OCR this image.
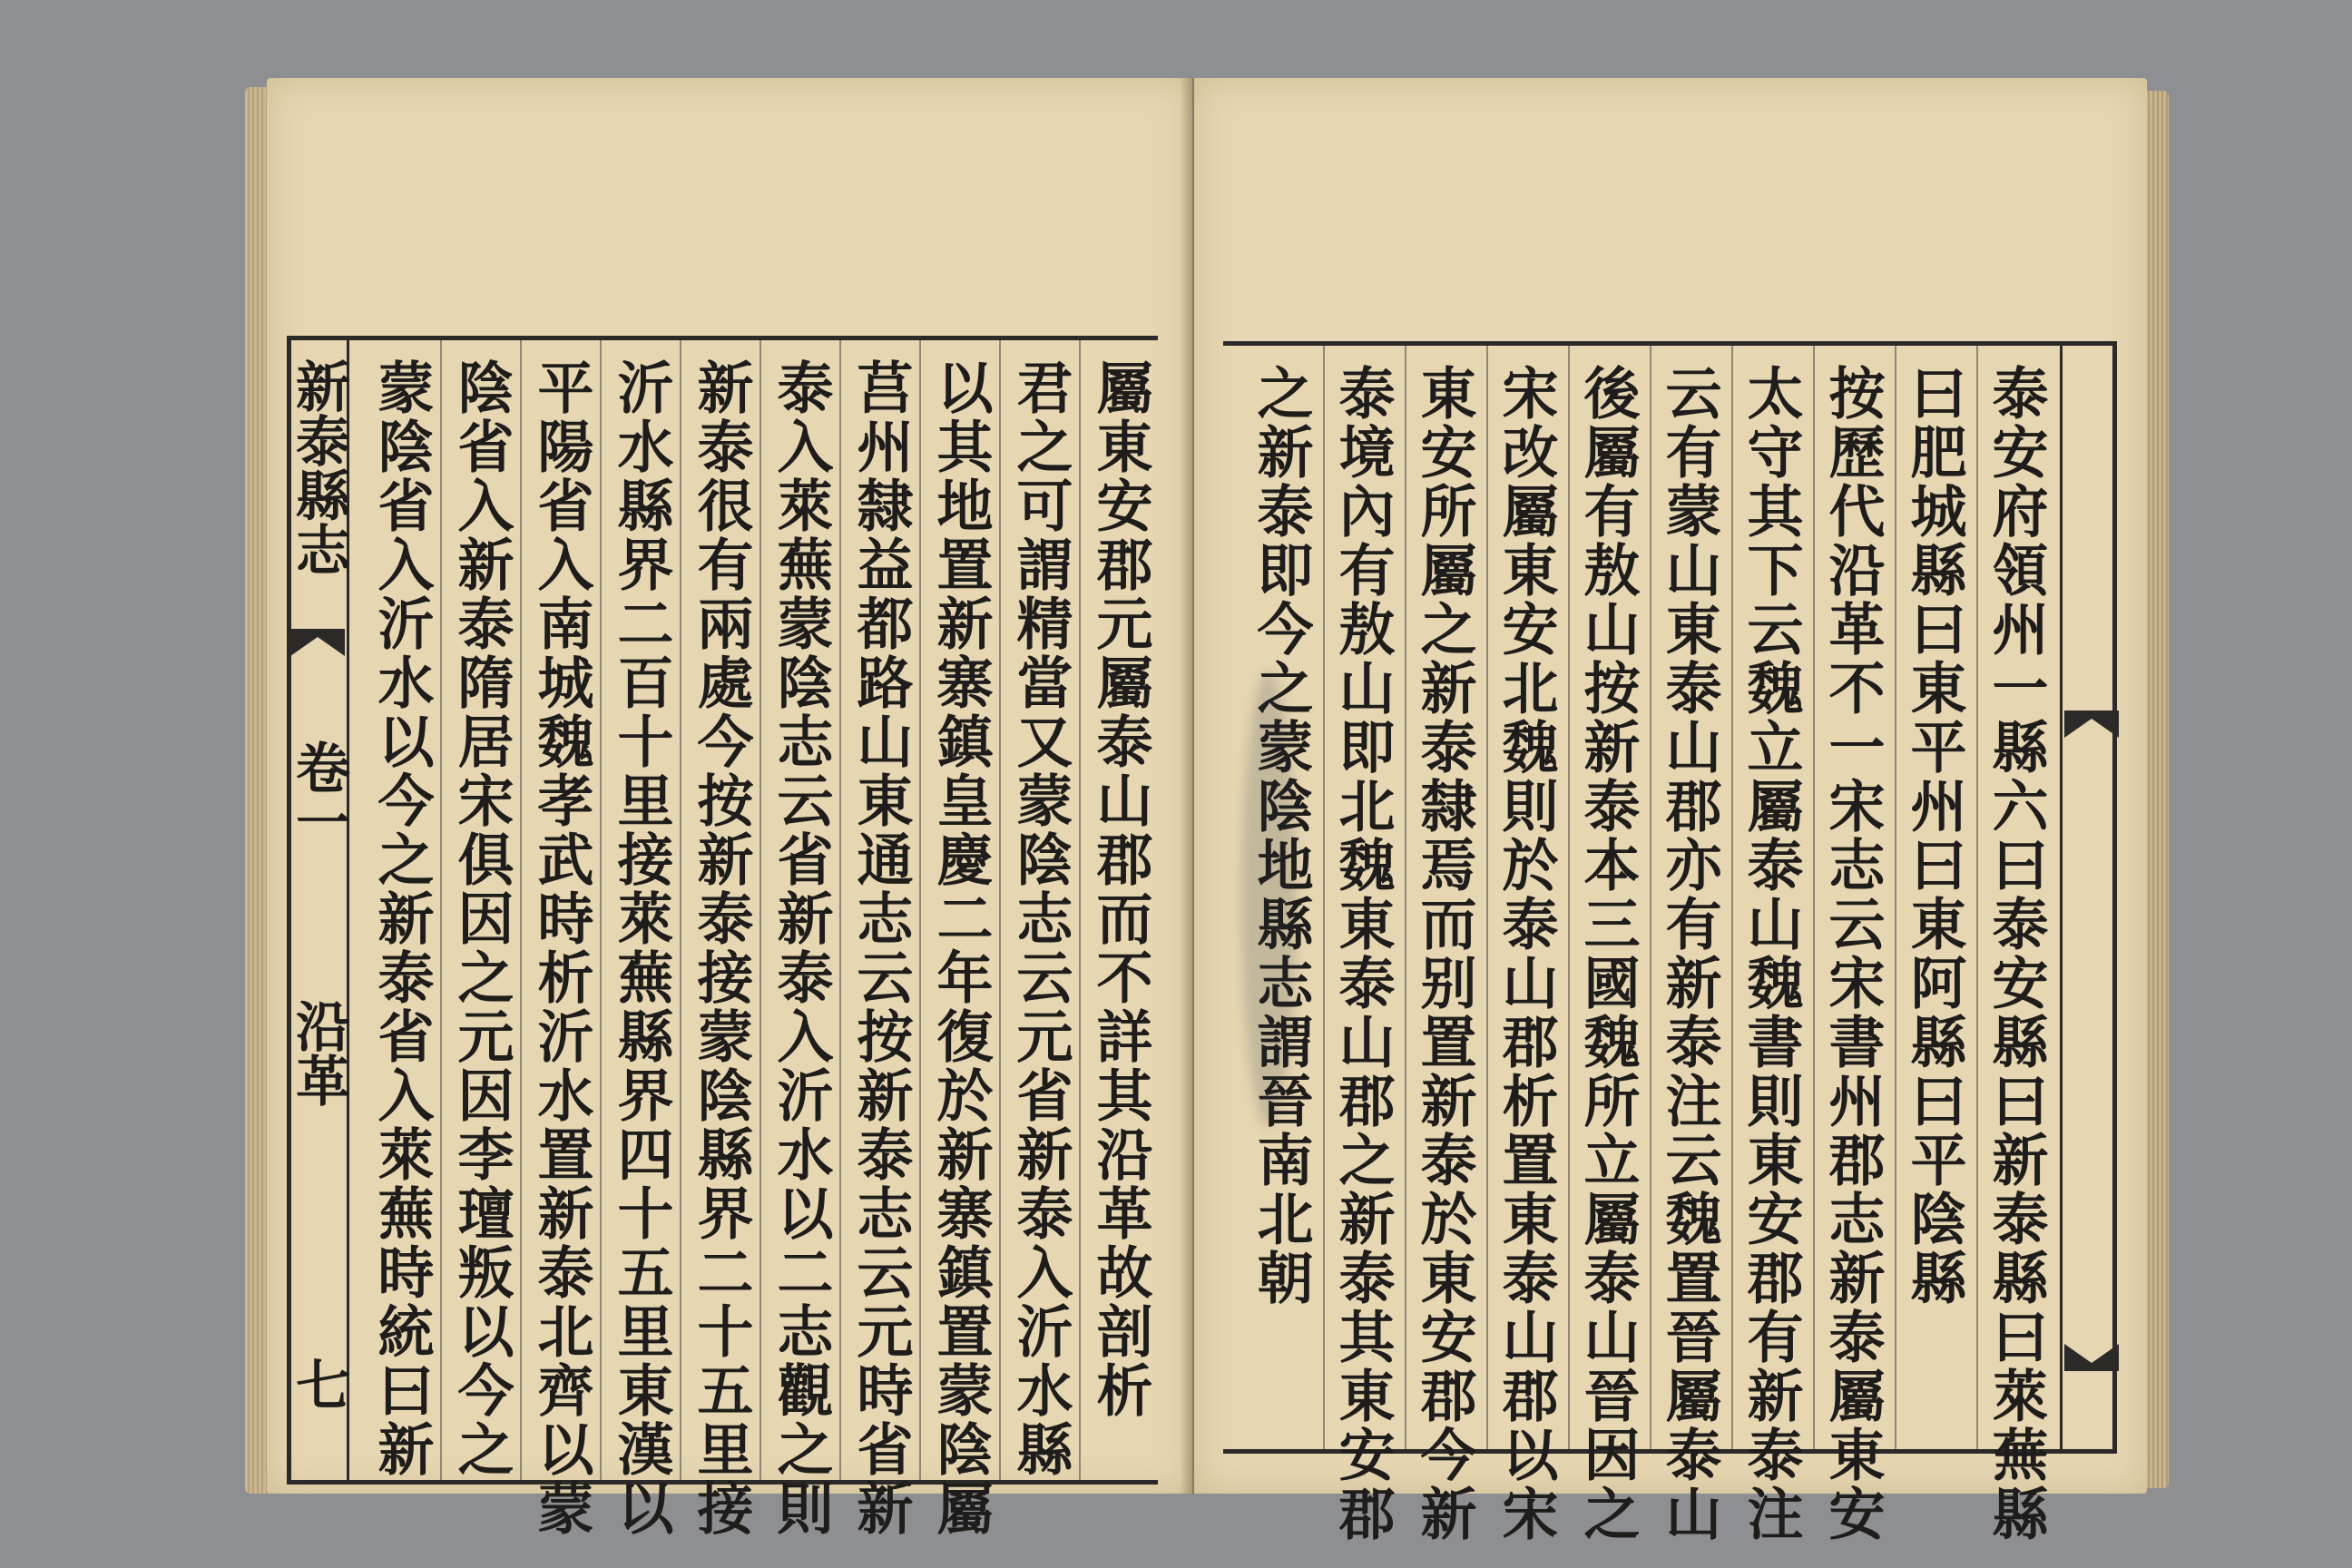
新泰縣志
卷一
沿革
七 蒙陰省入沂水以今之新泰省入萊蕪時統曰新 陰省入新泰隋居宋俱因之元因李璮叛以今之 平陽省入南城魏孝武時析沂水置新泰北齊以蒙 沂水縣界二百十里接萊蕪縣界四十五里東漢以 新泰很有兩處今按新泰接蒙陰縣界二十五里接 泰入萊蕪蒙陰志云省新泰入沂水以二志觀之則 莒州隸益都路山東通志云按新泰志云元時省新 以其地置新寨鎮皇慶二年復於新寨鎮置蒙陰屬 君之可謂精當又蒙陰志云元省新泰入沂水縣 屬東安郡元屬泰山郡而不詳其沿革故剖析 之新泰即今之蒙陰地縣志謂晉南北朝 泰境內有敖山即北魏東泰山郡之新泰其東安郡 東安所屬之新泰隸焉而别置新泰於東安郡今新 宋改屬東安北魏則於泰山郡析置東泰山郡以宋 後屬有敖山按新泰本三國魏所立屬泰山晉因之 云有蒙山東泰山郡亦有新泰注云魏置晉屬泰山 太守其下云魏立屬泰山魏書則東安郡有新泰注 按歷代沿革不一宋志云宋書州郡志新泰屬東安 曰肥城縣曰東平州曰東阿縣曰平陰縣 泰安府領州一縣六曰泰安縣曰新泰縣曰萊蕪縣
